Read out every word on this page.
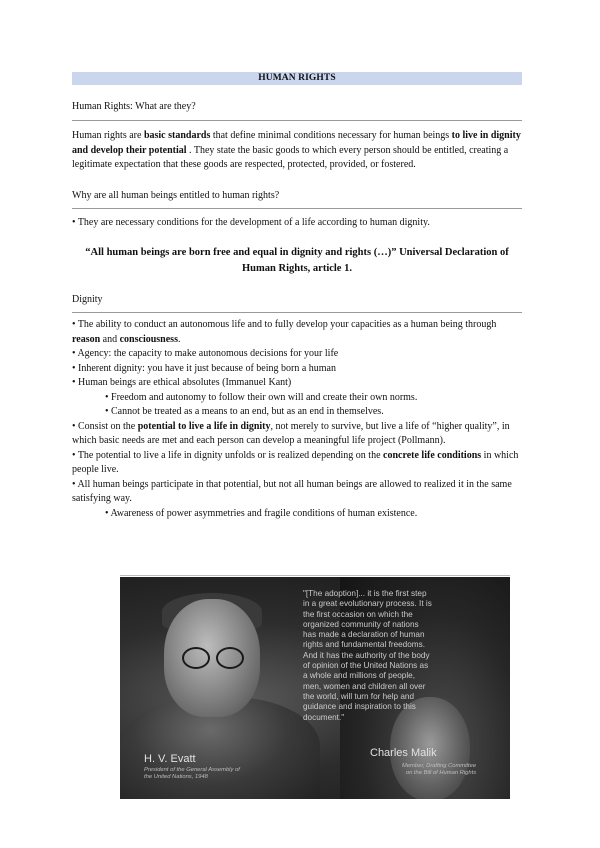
HUMAN RIGHTS
Human Rights: What are they?

Human rights are basic standards that define minimal conditions necessary for human beings to live in dignity and develop their potential . They state the basic goods to which every person should be entitled, creating a legitimate expectation that these goods are respected, protected, provided, or fostered.

Why are all human beings entitled to human rights?

• They are necessary conditions for the development of a life according to human dignity.

“All human beings are born free and equal in dignity and rights (…)” Universal Declaration of Human Rights, article 1.
Dignity

• The ability to conduct an autonomous life and to fully develop your capacities as a human being through reason and consciousness.

• Agency: the capacity to make autonomous decisions for your life

• Inherent dignity: you have it just because of being born a human

• Human beings are ethical absolutes (Immanuel Kant)

• Freedom and autonomy to follow their own will and create their own norms.

• Cannot be treated as a means to an end, but as an end in themselves.

• Consist on the potential to live a life in dignity, not merely to survive, but live a life of “higher quality”, in which basic needs are met and each person can develop a meaningful life project (Pollmann).

• The potential to live a life in dignity unfolds or is realized depending on the concrete life conditions in which people live.

• All human beings participate in that potential, but not all human beings are allowed to realized it in the same satisfying way.

• Awareness of power asymmetries and fragile conditions of human existence.

"[The adoption]... it is the first step
in a great evolutionary process. It is
the first occasion on which the
organized community of nations
has made a declaration of human
rights and fundamental freedoms.
And it has the authority of the body
of opinion of the United Nations as
a whole and millions of people,
men, women and children all over
the world, will turn for help and
guidance and inspiration to this
document."
H. V. Evatt
President of the General Assembly of
the United Nations, 1948
Charles Malik
Member, Drafting Committee
on the Bill of Human Rights
